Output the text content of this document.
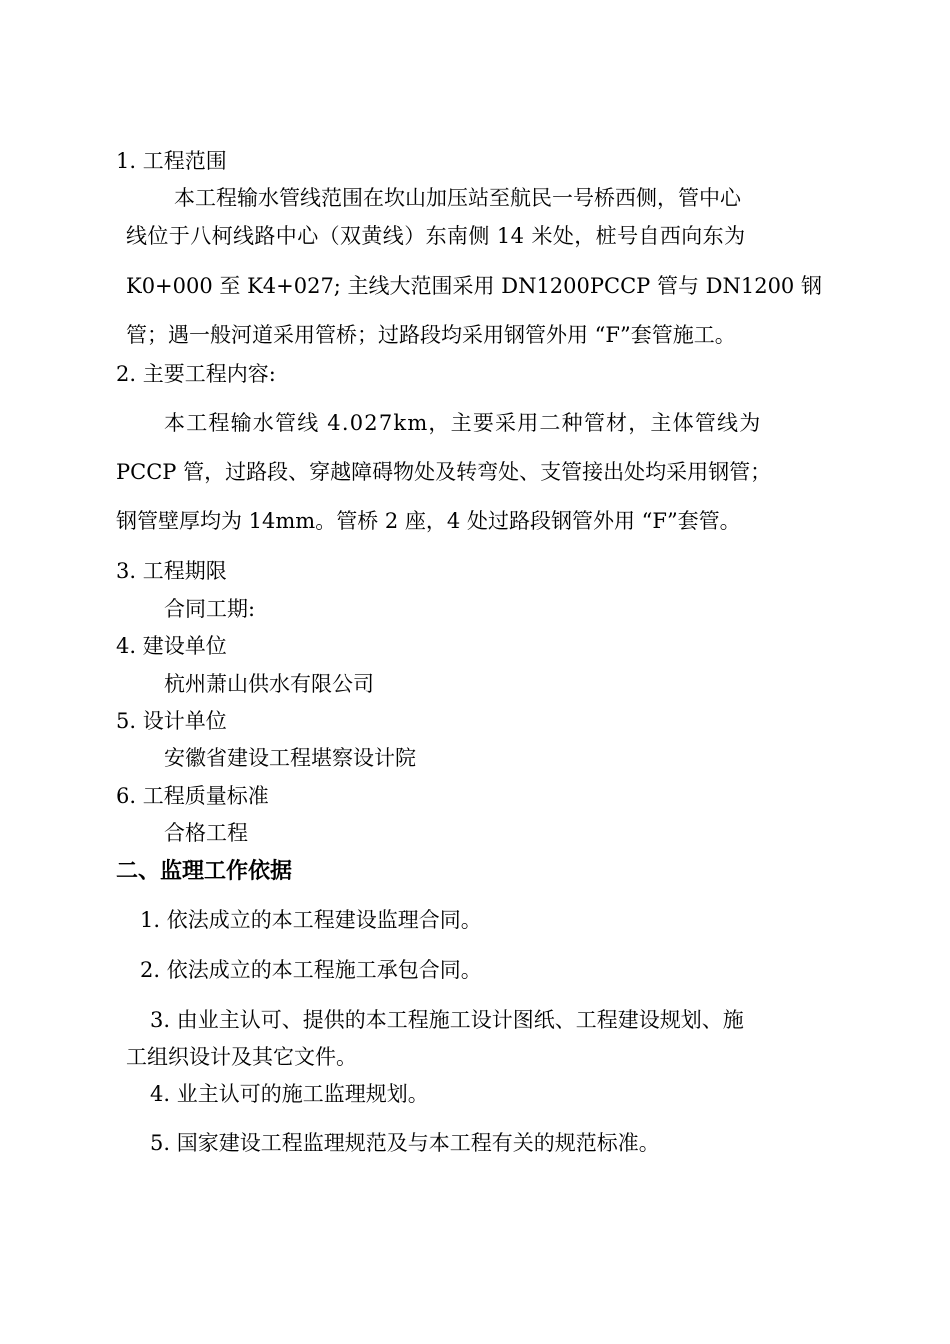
1. 工程范围
本工程输水管线范围在坎山加压站至航民一号桥西侧，管中心
线位于八柯线路中心（双黄线）东南侧 14 米处，桩号自西向东为
K0+000 至 K4+027; 主线大范围采用 DN1200PCCP 管与 DN1200 钢
管；遇一般河道采用管桥；过路段均采用钢管外用 “F”套管施工。
2. 主要工程内容:
本工程输水管线 4.027km，主要采用二种管材，主体管线为
PCCP 管，过路段、穿越障碍物处及转弯处、支管接出处均采用钢管；
钢管壁厚均为 14mm。管桥 2 座，4 处过路段钢管外用 “F”套管。
3. 工程期限
合同工期:
4. 建设单位
杭州萧山供水有限公司
5. 设计单位
安徽省建设工程堪察设计院
6. 工程质量标准
合格工程
二、监理工作依据
1. 依法成立的本工程建设监理合同。
2. 依法成立的本工程施工承包合同。
3. 由业主认可、提供的本工程施工设计图纸、工程建设规划、施
工组织设计及其它文件。
4. 业主认可的施工监理规划。
5. 国家建设工程监理规范及与本工程有关的规范标准。
